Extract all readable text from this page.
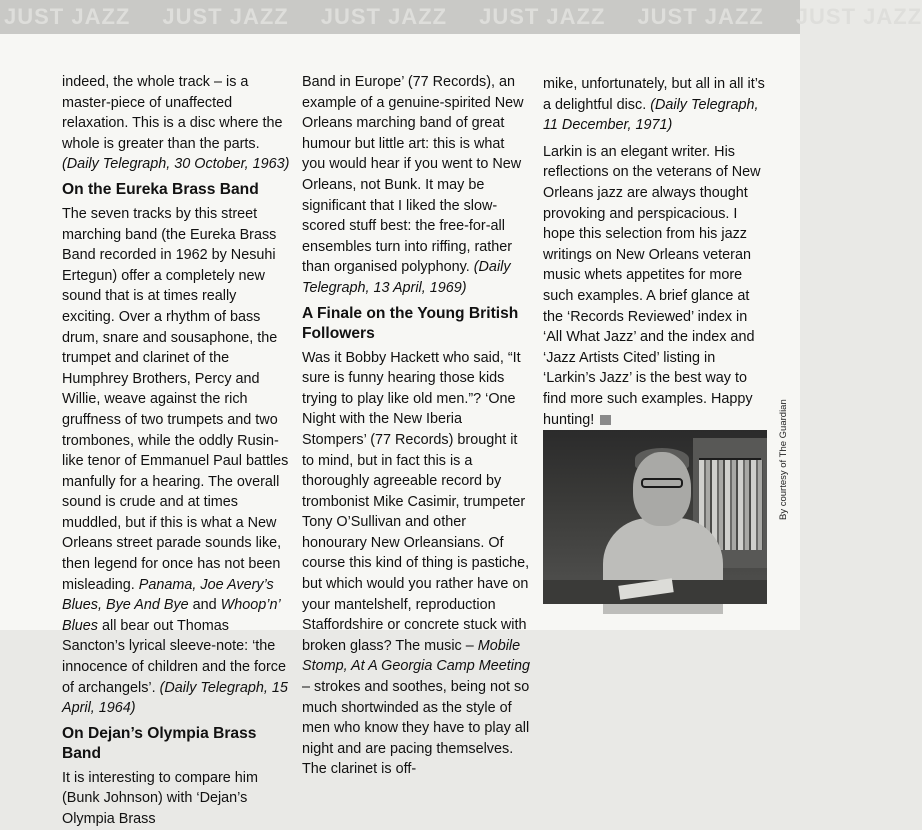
JUST JAZZ JUST JAZZ JUST JAZZ JUST JAZZ JUST JAZZ JUST JAZZ

indeed, the whole track – is a master-piece of unaffected relaxation. This is a disc where the whole is greater than the parts. (Daily Telegraph, 30 October, 1963)

On the Eureka Brass Band

The seven tracks by this street marching band (the Eureka Brass Band recorded in 1962 by Nesuhi Ertegun) offer a completely new sound that is at times really exciting. Over a rhythm of bass drum, snare and sousaphone, the trumpet and clarinet of the Humphrey Brothers, Percy and Willie, weave against the rich gruffness of two trumpets and two trombones, while the oddly Rusin-like tenor of Emmanuel Paul battles manfully for a hearing. The overall sound is crude and at times muddled, but if this is what a New Orleans street parade sounds like, then legend for once has not been misleading. Panama, Joe Avery’s Blues, Bye And Bye and Whoop’n’ Blues all bear out Thomas Sancton’s lyrical sleeve-note: ‘the innocence of children and the force of archangels’. (Daily Telegraph, 15 April, 1964)

On Dejan’s Olympia Brass Band

It is interesting to compare him (Bunk Johnson) with ‘Dejan’s Olympia Brass

Band in Europe’ (77 Records), an example of a genuine-spirited New Orleans marching band of great humour but little art: this is what you would hear if you went to New Orleans, not Bunk. It may be significant that I liked the slow-scored stuff best: the free-for-all ensembles turn into riffing, rather than organised polyphony. (Daily Telegraph, 13 April, 1969)

A Finale on the Young British Followers

Was it Bobby Hackett who said, “It sure is funny hearing those kids trying to play like old men.”? ‘One Night with the New Iberia Stompers’ (77 Records) brought it to mind, but in fact this is a thoroughly agreeable record by trombonist Mike Casimir, trumpeter Tony O’Sullivan and other honourary New Orleansians. Of course this kind of thing is pastiche, but which would you rather have on your mantelshelf, reproduction Staffordshire or concrete stuck with broken glass? The music – Mobile Stomp, At A Georgia Camp Meeting – strokes and soothes, being not so much shortwinded as the style of men who know they have to play all night and are pacing themselves. The clarinet is off-

mike, unfortunately, but all in all it’s a delightful disc. (Daily Telegraph, 11 December, 1971)

Larkin is an elegant writer. His reflections on the veterans of New Orleans jazz are always thought provoking and perspicacious. I hope this selection from his jazz writings on New Orleans veteran music whets appetites for more such examples. A brief glance at the ‘Records Reviewed’ index in ‘All What Jazz’ and the index and ‘Jazz Artists Cited’ listing in ‘Larkin’s Jazz’ is the best way to find more such examples. Happy hunting!	By courtesy of The Guardian
